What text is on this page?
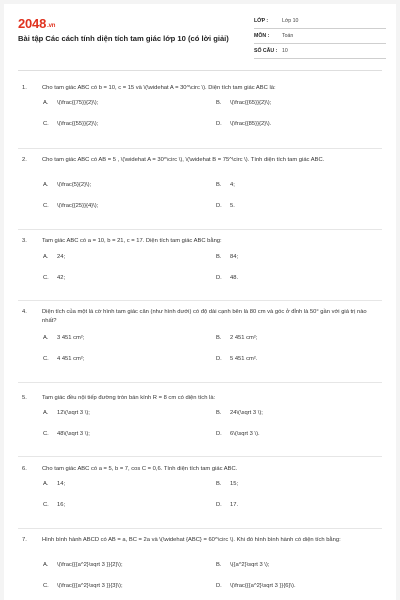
2048.vn
Bài tập Các cách tính diện tích tam giác lớp 10 (có lời giải)
LỚP :	Lớp 10
MÔN :	Toán
SỐ CÂU : 10
1.	Cho tam giác ABC có b = 10, c = 15 và \(\widehat A = 30^\circ \). Diện tích tam giác ABC là:
A. \(\frac{{75}}{2}\);	B. \(\frac{{65}}{2}\);
C. \(\frac{{55}}{2}\);	D. \(\frac{{85}}{2}\).
2.	Cho tam giác ABC có AB = 5 , \(\widehat A = 30^\circ \), \(\widehat B = 75^\circ \). Tính diện tích tam giác ABC.
A. \(\frac{5}{2}\);	B. 4;
C. \(\frac{{25}}{4}\);	D. 5.
3.	Tam giác ABC có a = 10, b = 21, c = 17. Diện tích tam giác ABC bằng:
A. 24;	B. 84;
C. 42;	D. 48.
4.	Diện tích của một lá cờ hình tam giác cân (như hình dưới) có độ dài cạnh bên là 80 cm và góc ở đỉnh là 50° gần với giá trị nào nhất?
A. 3 451 cm²;	B. 2 451 cm²;
C. 4 451 cm²;	D. 5 451 cm².
5.	Tam giác đều nội tiếp đường tròn bán kính R = 8 cm có diện tích là:
A. 12\(\sqrt 3 \);	B. 24\(\sqrt 3 \);
C. 48\(\sqrt 3 \);	D. 6\(\sqrt 3 \).
6.	Cho tam giác ABC có a = 5, b = 7, cos C = 0,6. Tính diện tích tam giác ABC.
A. 14;	B. 15;
C. 16;	D. 17.
7.	Hình bình hành ABCD có AB = a, BC = 2a và \(\widehat {ABC} = 60^\circ \). Khi đó hình bình hành có diện tích bằng:
A. \(\frac{{{a^2}\sqrt 3 }}{2}\);	B. \({a^2}\sqrt 3 \);
C. \(\frac{{{a^2}\sqrt 3 }}{3}\);	D. \(\frac{{{a^2}\sqrt 3 }}{6}\).
